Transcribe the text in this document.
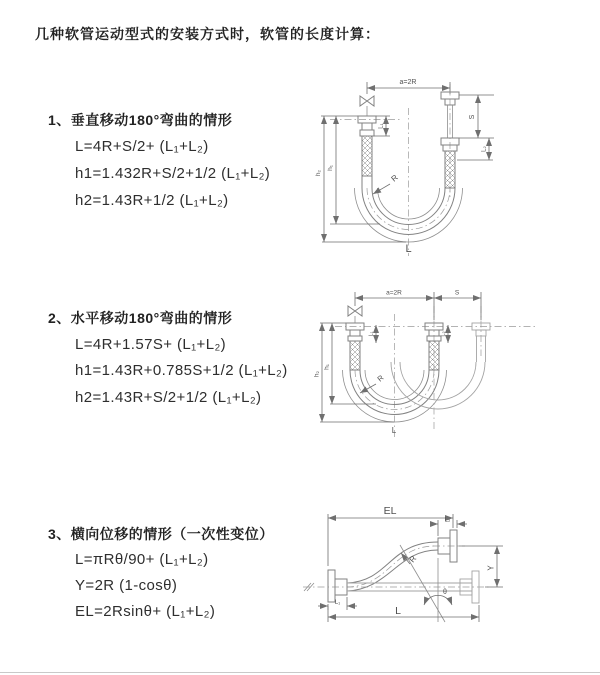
几种软管运动型式的安装方式时，软管的长度计算：
1、垂直移动180°弯曲的情形
L=4R+S/2+ (L₁+L₂)
h1=1.432R+S/2+1/2 (L₁+L₂)
h2=1.43R+1/2 (L₁+L₂)
2、水平移动180°弯曲的情形
L=4R+1.57S+ (L₁+L₂)
h1=1.43R+0.785S+1/2 (L₁+L₂)
h2=1.43R+S/2+1/2 (L₁+L₂)
3、横向位移的情形（一次性变位）
L=πRθ/90+ (L₁+L₂)
Y=2R (1-cosθ)
EL=2Rsinθ+ (L₁+L₂)
a=2R
R
h₂
h₁
L₁
S
L₂
L
a=2R	S
R
h₂
h₁
L₁	L₂
L
EL
L₂
Y
R
θ
L₁
L
